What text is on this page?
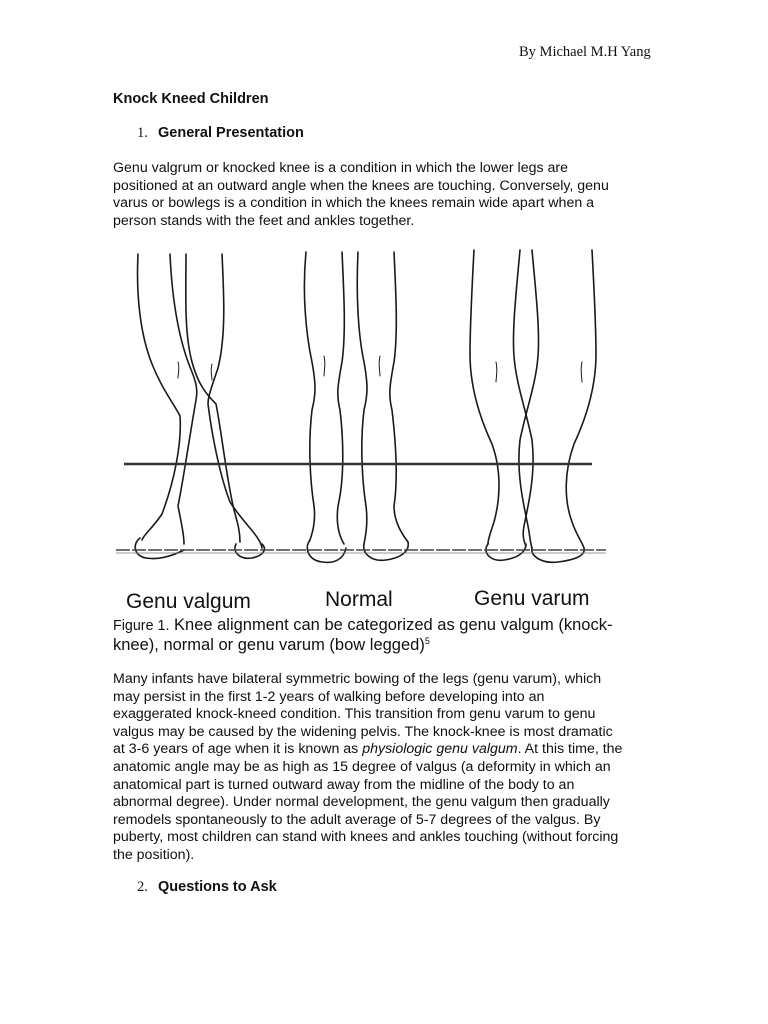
By Michael M.H Yang
Knock Kneed Children
1. General Presentation

Genu valgrum or knocked knee is a condition in which the lower legs are
positioned at an outward angle when the knees are touching. Conversely, genu
varus or bowlegs is a condition in which the knees remain wide apart when a
person stands with the feet and ankles together.

Genu valgum	Normal	Genu varum

Figure 1. Knee alignment can be categorized as genu valgum (knock-
knee), normal or genu varum (bow legged)$^5$

Many infants have bilateral symmetric bowing of the legs (genu varum), which
may persist in the first 1-2 years of walking before developing into an
exaggerated knock-kneed condition. This transition from genu varum to genu
valgus may be caused by the widening pelvis. The knock-knee is most dramatic
at 3-6 years of age when it is known as physiologic genu valgum. At this time, the
anatomic angle may be as high as 15 degree of valgus (a deformity in which an
anatomical part is turned outward away from the midline of the body to an
abnormal degree). Under normal development, the genu valgum then gradually
remodels spontaneously to the adult average of 5-7 degrees of the valgus. By
puberty, most children can stand with knees and ankles touching (without forcing
the position).

2. Questions to Ask
